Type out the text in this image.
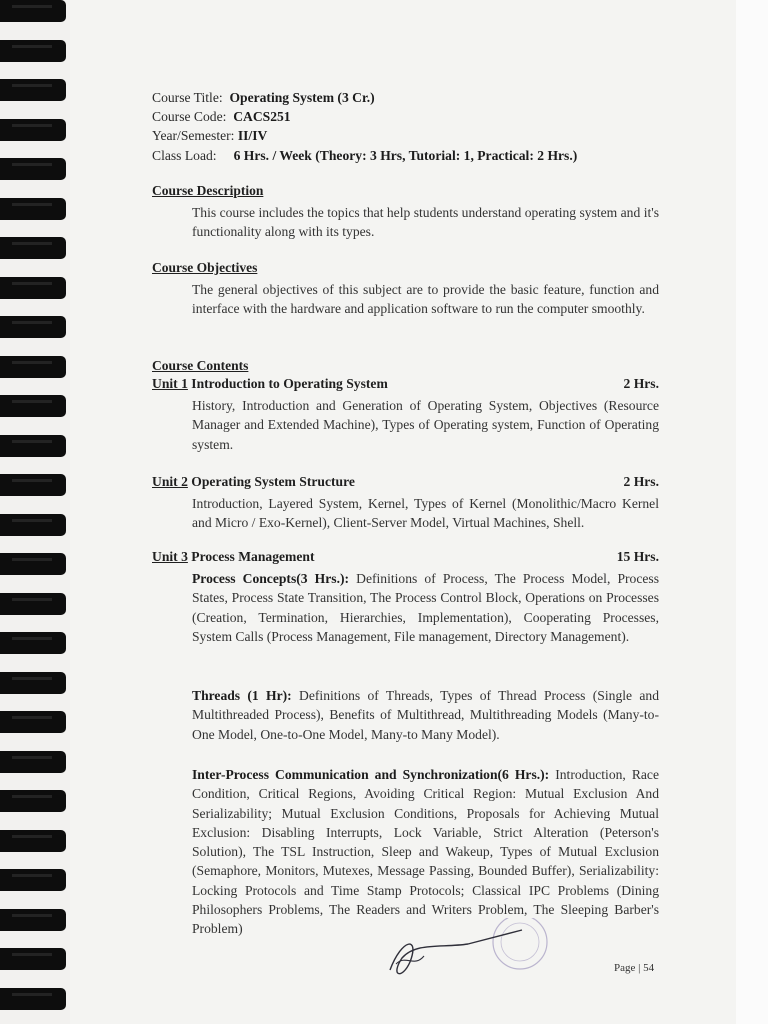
Course Title: Operating System (3 Cr.)
Course Code: CACS251
Year/Semester: II/IV
Class Load: 6 Hrs. / Week (Theory: 3 Hrs, Tutorial: 1, Practical: 2 Hrs.)
Course Description
This course includes the topics that help students understand operating system and it's functionality along with its types.
Course Objectives
The general objectives of this subject are to provide the basic feature, function and interface with the hardware and application software to run the computer smoothly.
Course Contents
Unit 1 Introduction to Operating System	2 Hrs.
History, Introduction and Generation of Operating System, Objectives (Resource Manager and Extended Machine), Types of Operating system, Function of Operating system.
Unit 2 Operating System Structure	2 Hrs.
Introduction, Layered System, Kernel, Types of Kernel (Monolithic/Macro Kernel and Micro / Exo-Kernel), Client-Server Model, Virtual Machines, Shell.
Unit 3 Process Management	15 Hrs.
Process Concepts(3 Hrs.): Definitions of Process, The Process Model, Process States, Process State Transition, The Process Control Block, Operations on Processes (Creation, Termination, Hierarchies, Implementation), Cooperating Processes, System Calls (Process Management, File management, Directory Management).
Threads (1 Hr): Definitions of Threads, Types of Thread Process (Single and Multithreaded Process), Benefits of Multithread, Multithreading Models (Many-to-One Model, One-to-One Model, Many-to Many Model).
Inter-Process Communication and Synchronization(6 Hrs.): Introduction, Race Condition, Critical Regions, Avoiding Critical Region: Mutual Exclusion And Serializability; Mutual Exclusion Conditions, Proposals for Achieving Mutual Exclusion: Disabling Interrupts, Lock Variable, Strict Alteration (Peterson's Solution), The TSL Instruction, Sleep and Wakeup, Types of Mutual Exclusion (Semaphore, Monitors, Mutexes, Message Passing, Bounded Buffer), Serializability: Locking Protocols and Time Stamp Protocols; Classical IPC Problems (Dining Philosophers Problems, The Readers and Writers Problem, The Sleeping Barber's Problem)
Page | 54
